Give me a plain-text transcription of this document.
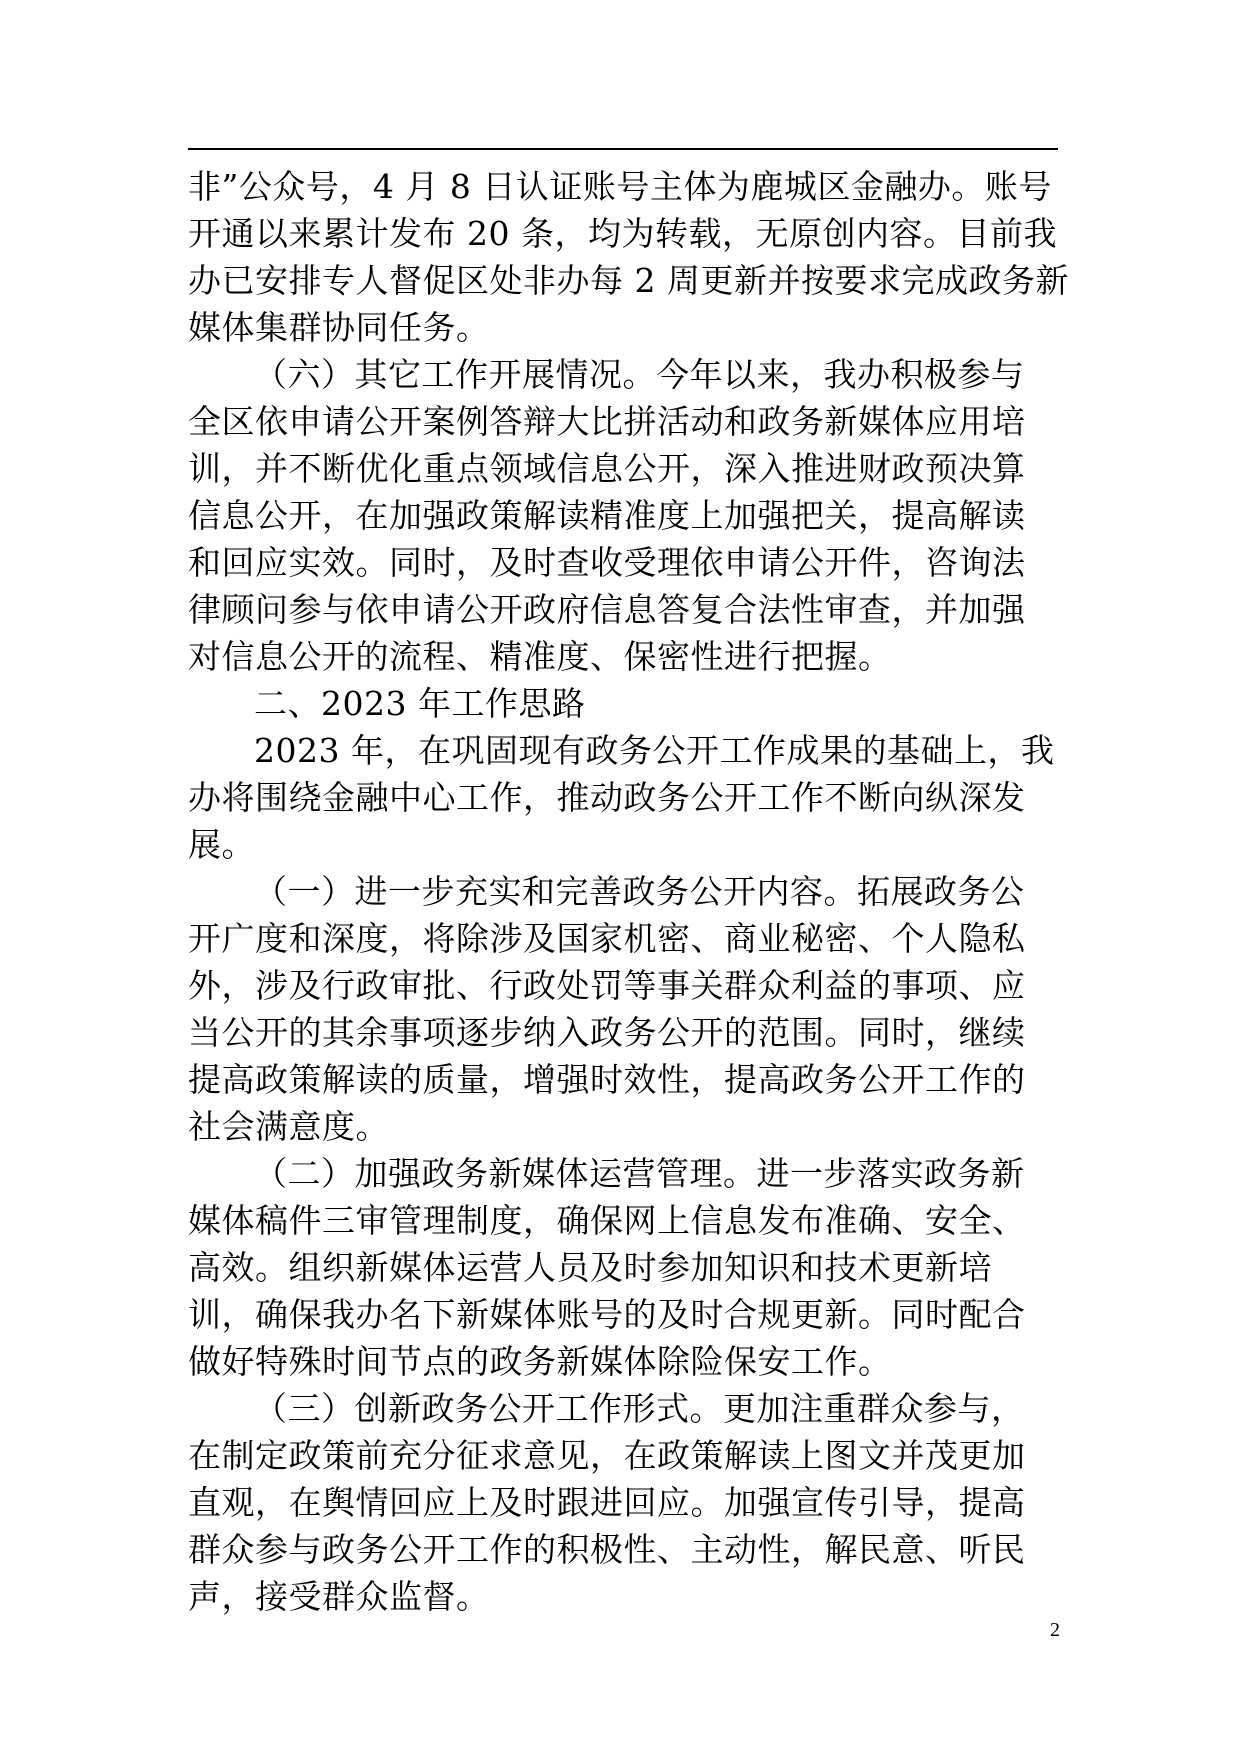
非”公众号，4 月 8 日认证账号主体为鹿城区金融办。账号
开通以来累计发布 20 条，均为转载，无原创内容。目前我
办已安排专人督促区处非办每 2 周更新并按要求完成政务新
媒体集群协同任务。
（六）其它工作开展情况。今年以来，我办积极参与
全区依申请公开案例答辩大比拼活动和政务新媒体应用培
训，并不断优化重点领域信息公开，深入推进财政预决算
信息公开，在加强政策解读精准度上加强把关，提高解读
和回应实效。同时，及时查收受理依申请公开件，咨询法
律顾问参与依申请公开政府信息答复合法性审查，并加强
对信息公开的流程、精准度、保密性进行把握。
二、2023 年工作思路
2023 年，在巩固现有政务公开工作成果的基础上，我
办将围绕金融中心工作，推动政务公开工作不断向纵深发
展。
（一）进一步充实和完善政务公开内容。拓展政务公
开广度和深度，将除涉及国家机密、商业秘密、个人隐私
外，涉及行政审批、行政处罚等事关群众利益的事项、应
当公开的其余事项逐步纳入政务公开的范围。同时，继续
提高政策解读的质量，增强时效性，提高政务公开工作的
社会满意度。
（二）加强政务新媒体运营管理。进一步落实政务新
媒体稿件三审管理制度，确保网上信息发布准确、安全、
高效。组织新媒体运营人员及时参加知识和技术更新培
训，确保我办名下新媒体账号的及时合规更新。同时配合
做好特殊时间节点的政务新媒体除险保安工作。
（三）创新政务公开工作形式。更加注重群众参与，
在制定政策前充分征求意见，在政策解读上图文并茂更加
直观，在舆情回应上及时跟进回应。加强宣传引导，提高
群众参与政务公开工作的积极性、主动性，解民意、听民
声，接受群众监督。
2
